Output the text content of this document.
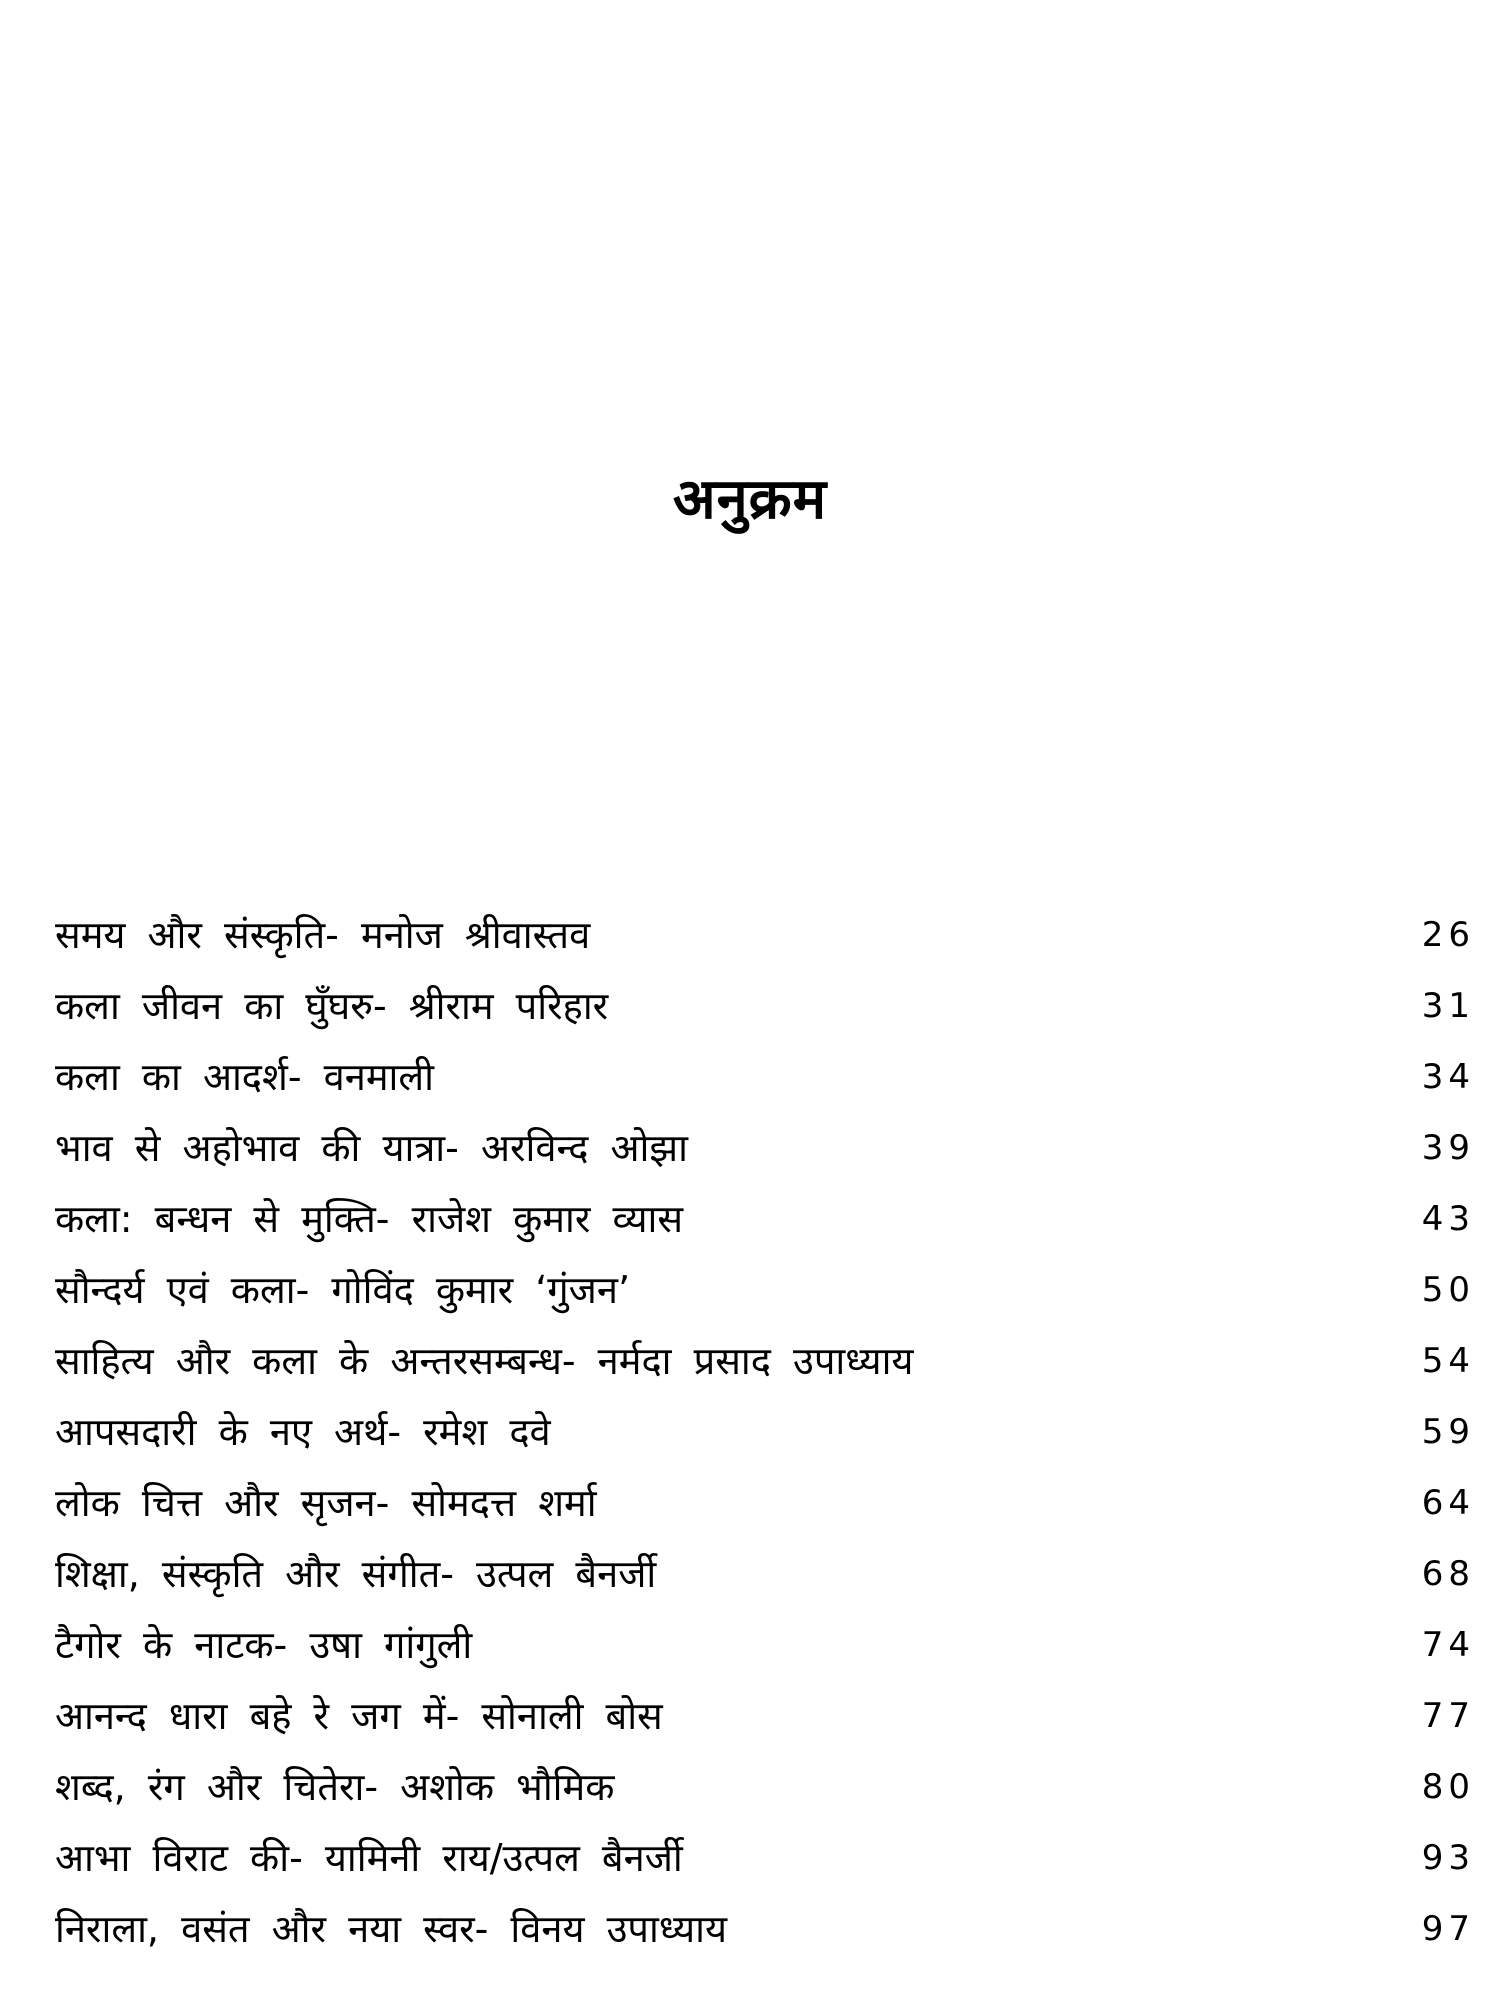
अनुक्रम
समय और संस्कृति- मनोज श्रीवास्तव	26
कला जीवन का घुँघरु- श्रीराम परिहार	31
कला का आदर्श- वनमाली	34
भाव से अहोभाव की यात्रा- अरविन्द ओझा	39
कला: बन्धन से मुक्ति- राजेश कुमार व्यास	43
सौन्दर्य एवं कला- गोविंद कुमार ‘गुंजन’	50
साहित्य और कला के अन्तरसम्बन्ध- नर्मदा प्रसाद उपाध्याय	54
आपसदारी के नए अर्थ- रमेश दवे	59
लोक चित्त और सृजन- सोमदत्त शर्मा	64
शिक्षा, संस्कृति और संगीत- उत्पल बैनर्जी	68
टैगोर के नाटक- उषा गांगुली	74
आनन्द धारा बहे रे जग में- सोनाली बोस	77
शब्द, रंग और चितेरा- अशोक भौमिक	80
आभा विराट की- यामिनी राय/उत्पल बैनर्जी	93
निराला, वसंत और नया स्वर- विनय उपाध्याय	97
